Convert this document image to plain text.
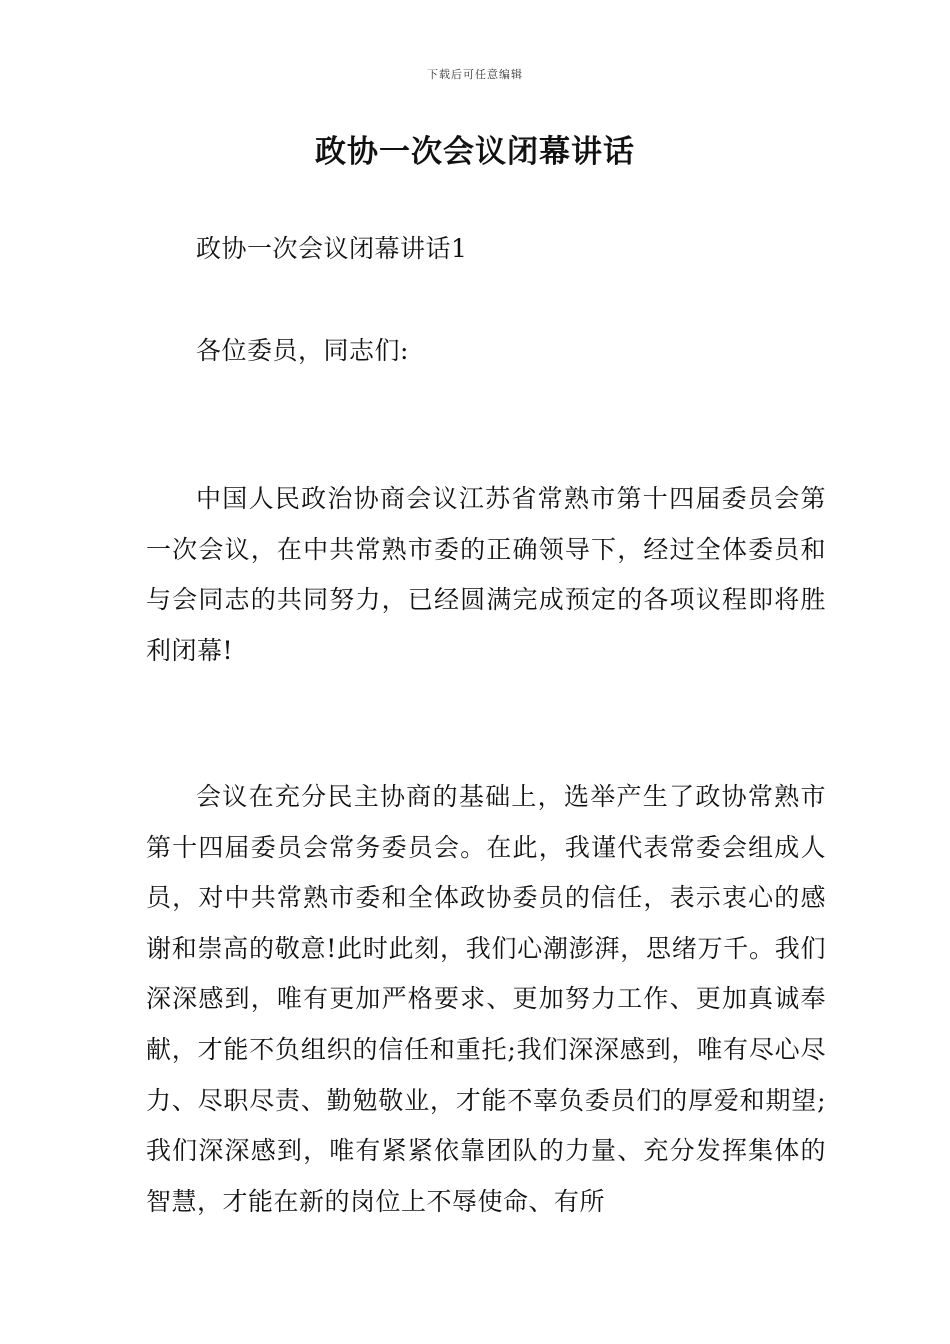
下载后可任意编辑
政协一次会议闭幕讲话

政协一次会议闭幕讲话1

各位委员，同志们:

中国人民政治协商会议江苏省常熟市第十四届委员会第一次会议，在中共常熟市委的正确领导下，经过全体委员和与会同志的共同努力，已经圆满完成预定的各项议程即将胜利闭幕!

会议在充分民主协商的基础上，选举产生了政协常熟市第十四届委员会常务委员会。在此，我谨代表常委会组成人员，对中共常熟市委和全体政协委员的信任，表示衷心的感谢和崇高的敬意!此时此刻，我们心潮澎湃，思绪万千。我们深深感到，唯有更加严格要求、更加努力工作、更加真诚奉献，才能不负组织的信任和重托;我们深深感到，唯有尽心尽力、尽职尽责、勤勉敬业，才能不辜负委员们的厚爱和期望;我们深深感到，唯有紧紧依靠团队的力量、充分发挥集体的智慧，才能在新的岗位上不辱使命、有所
